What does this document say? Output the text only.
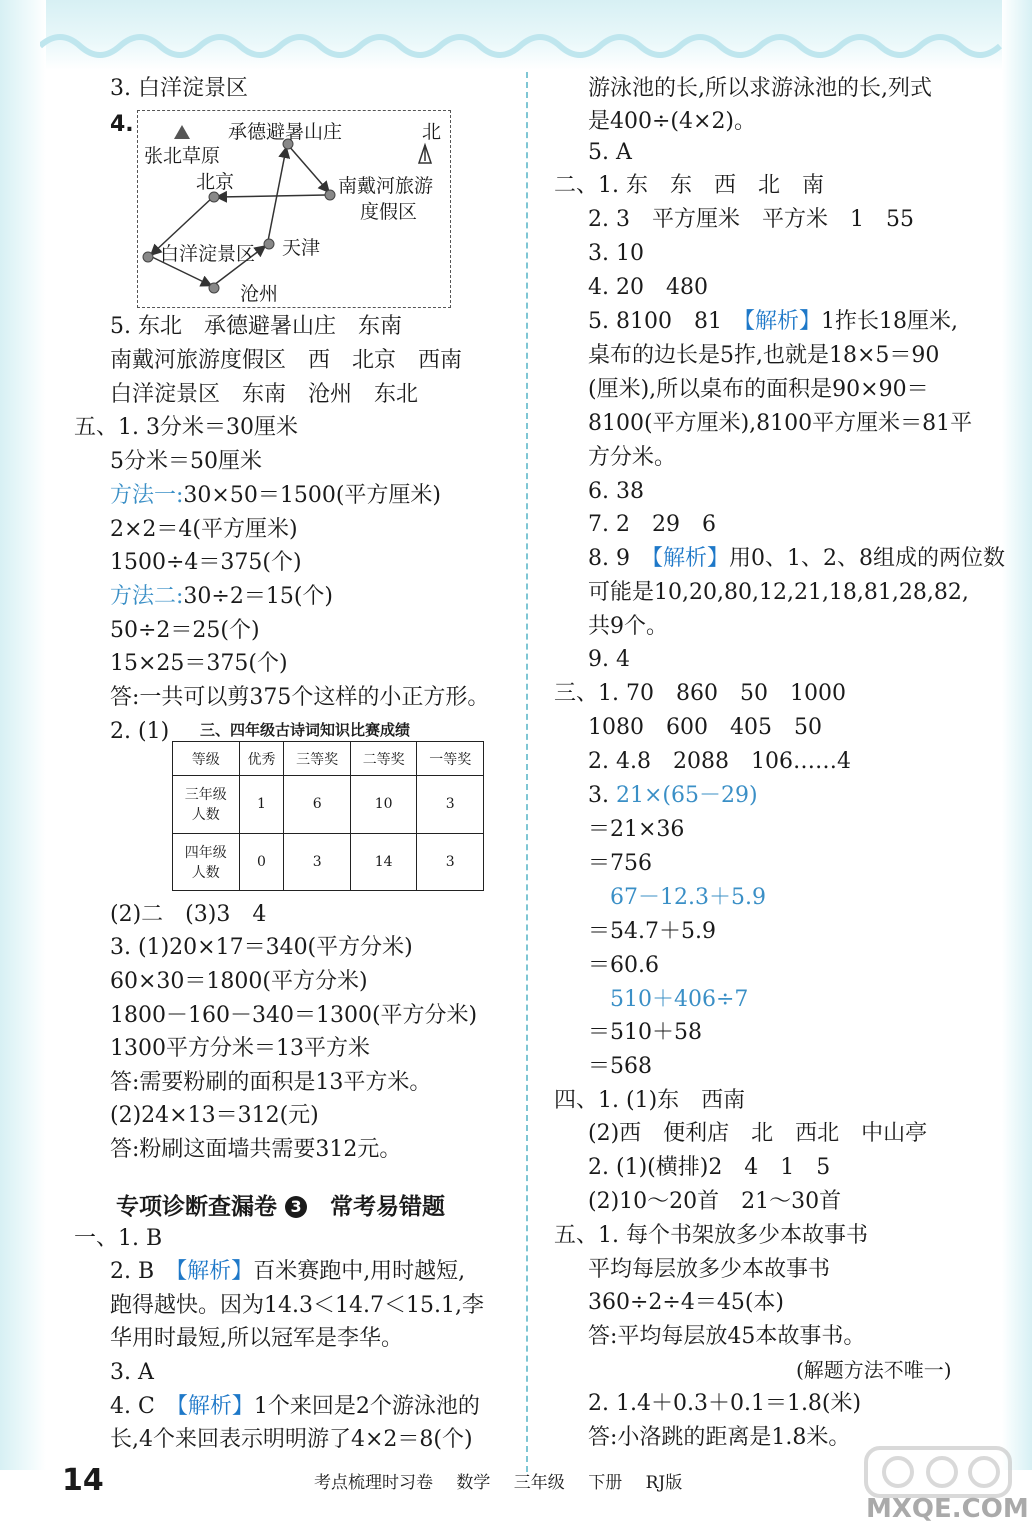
3. 白洋淀景区
4.	承德避暑山庄
张北草原
北
北京	南戴河旅游
度假区
白洋淀景区 天津
沧州
5. 东北　承德避暑山庄　东南
南戴河旅游度假区　西　北京　西南
白洋淀景区　东南　沧州　东北
五、1. 3分米＝30厘米
5分米＝50厘米
方法一:30×50＝1500(平方厘米)
2×2＝4(平方厘米)
1500÷4＝375(个)
方法二:30÷2＝15(个)
50÷2＝25(个)
15×25＝375(个)
答:一共可以剪375个这样的小正方形。
2. (1) 三、四年级古诗词知识比赛成绩
等级	优秀	三等奖	二等奖	一等奖
三年级
人数	1	6	10	3
四年级
人数	0	3	14	3
(2)二　(3)3　4
3. (1)20×17＝340(平方分米)
60×30＝1800(平方分米)
1800－160－340＝1300(平方分米)
1300平方分米＝13平方米
答:需要粉刷的面积是13平方米。
(2)24×13＝312(元)
答:粉刷这面墙共需要312元。
专项诊断查漏卷 3　 常考易错题
一、1. B
2. B　 【解析】百米赛跑中,用时越短,
跑得越快。因为14.3＜14.7＜15.1,李
华用时最短,所以冠军是李华。
3. A
4. C　 【解析】1个来回是2个游泳池的
长,4个来回表示明明游了4×2＝8(个)
游泳池的长,所以求游泳池的长,列式
是400÷(4×2)。
5. A
二、1. 东　东　西　北　南
2. 3　平方厘米　平方米　1　55
3. 10
4. 20　480
5. 8100　81　 【解析】1拃长18厘米,
桌布的边长是5拃,也就是18×5＝90
(厘米),所以桌布的面积是90×90＝
8100(平方厘米),8100平方厘米＝81平
方分米。
6. 38
7. 2　29　6
8. 9　 【解析】用0、1、2、8组成的两位数
可能是10,20,80,12,21,18,81,28,82,
共9个。
9. 4
三、1. 70　860　50　1000
1080　600　405　50
2. 4.8　2088　106……4
3. 21×(65－29)
＝21×36
＝756
67－12.3＋5.9
＝54.7＋5.9
＝60.6
510＋406÷7
＝510＋58
＝568
四、1. (1)东　西南
(2)西　便利店　北　西北　中山亭
2. (1)(横排)2　4　1　5
(2)10～20首　21～30首
五、1. 每个书架放多少本故事书
平均每层放多少本故事书
360÷2÷4＝45(本)
答:平均每层放45本故事书。
(解题方法不唯一)
2. 1.4＋0.3＋0.1＝1.8(米)
答:小洛跳的距离是1.8米。
14	考点梳理时习卷 数学 三年级 下册 RJ版
MXQE.COM
